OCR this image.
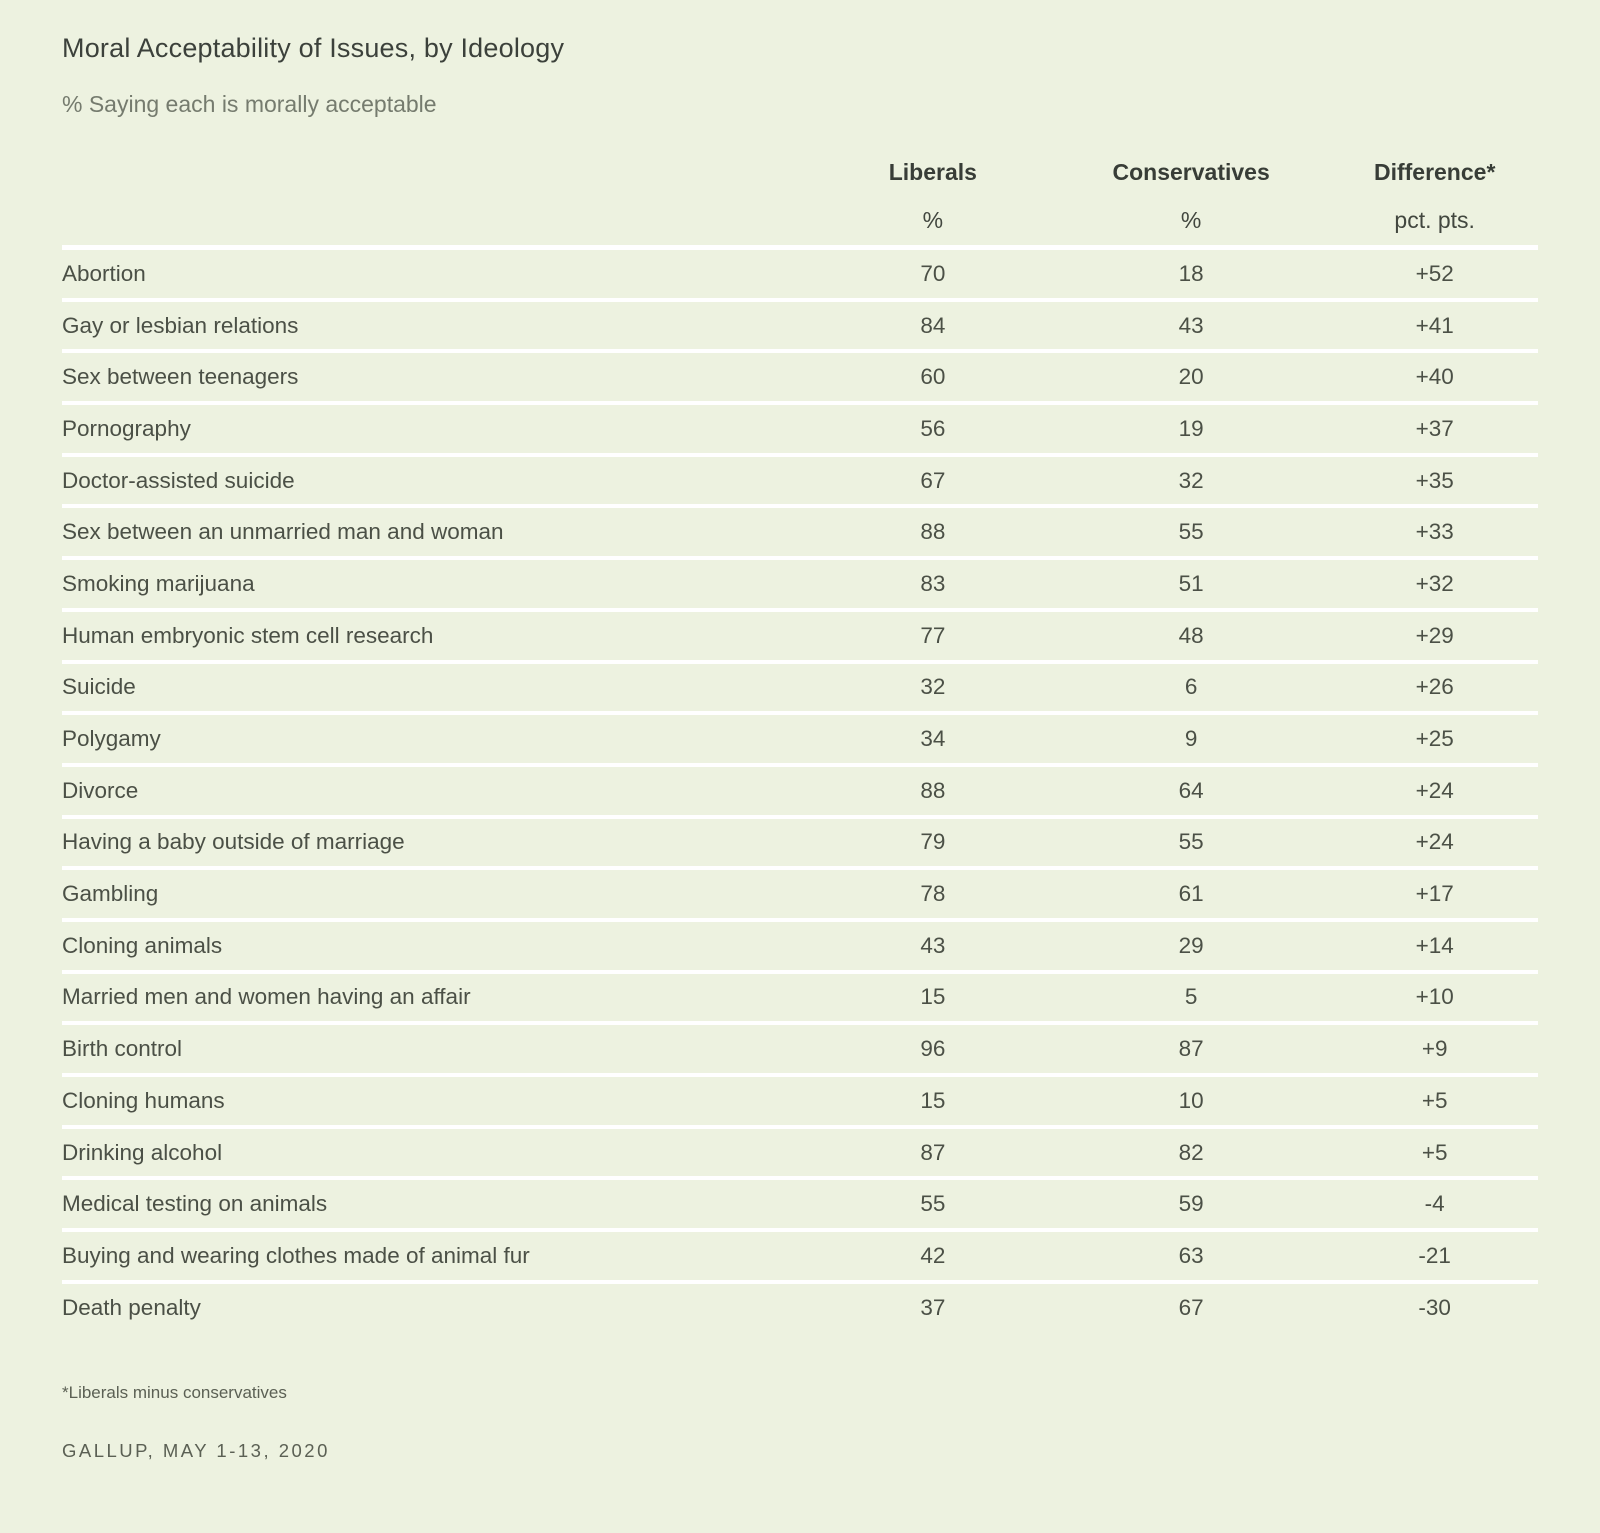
Moral Acceptability of Issues, by Ideology

% Saying each is morally acceptable

	Liberals	Conservatives	Difference*
	%	%	pct. pts.
Abortion	70	18	+52
Gay or lesbian relations	84	43	+41
Sex between teenagers	60	20	+40
Pornography	56	19	+37
Doctor-assisted suicide	67	32	+35
Sex between an unmarried man and woman	88	55	+33
Smoking marijuana	83	51	+32
Human embryonic stem cell research	77	48	+29
Suicide	32	6	+26
Polygamy	34	9	+25
Divorce	88	64	+24
Having a baby outside of marriage	79	55	+24
Gambling	78	61	+17
Cloning animals	43	29	+14
Married men and women having an affair	15	5	+10
Birth control	96	87	+9
Cloning humans	15	10	+5
Drinking alcohol	87	82	+5
Medical testing on animals	55	59	-4
Buying and wearing clothes made of animal fur	42	63	-21
Death penalty	37	67	-30

*Liberals minus conservatives

GALLUP, MAY 1-13, 2020
